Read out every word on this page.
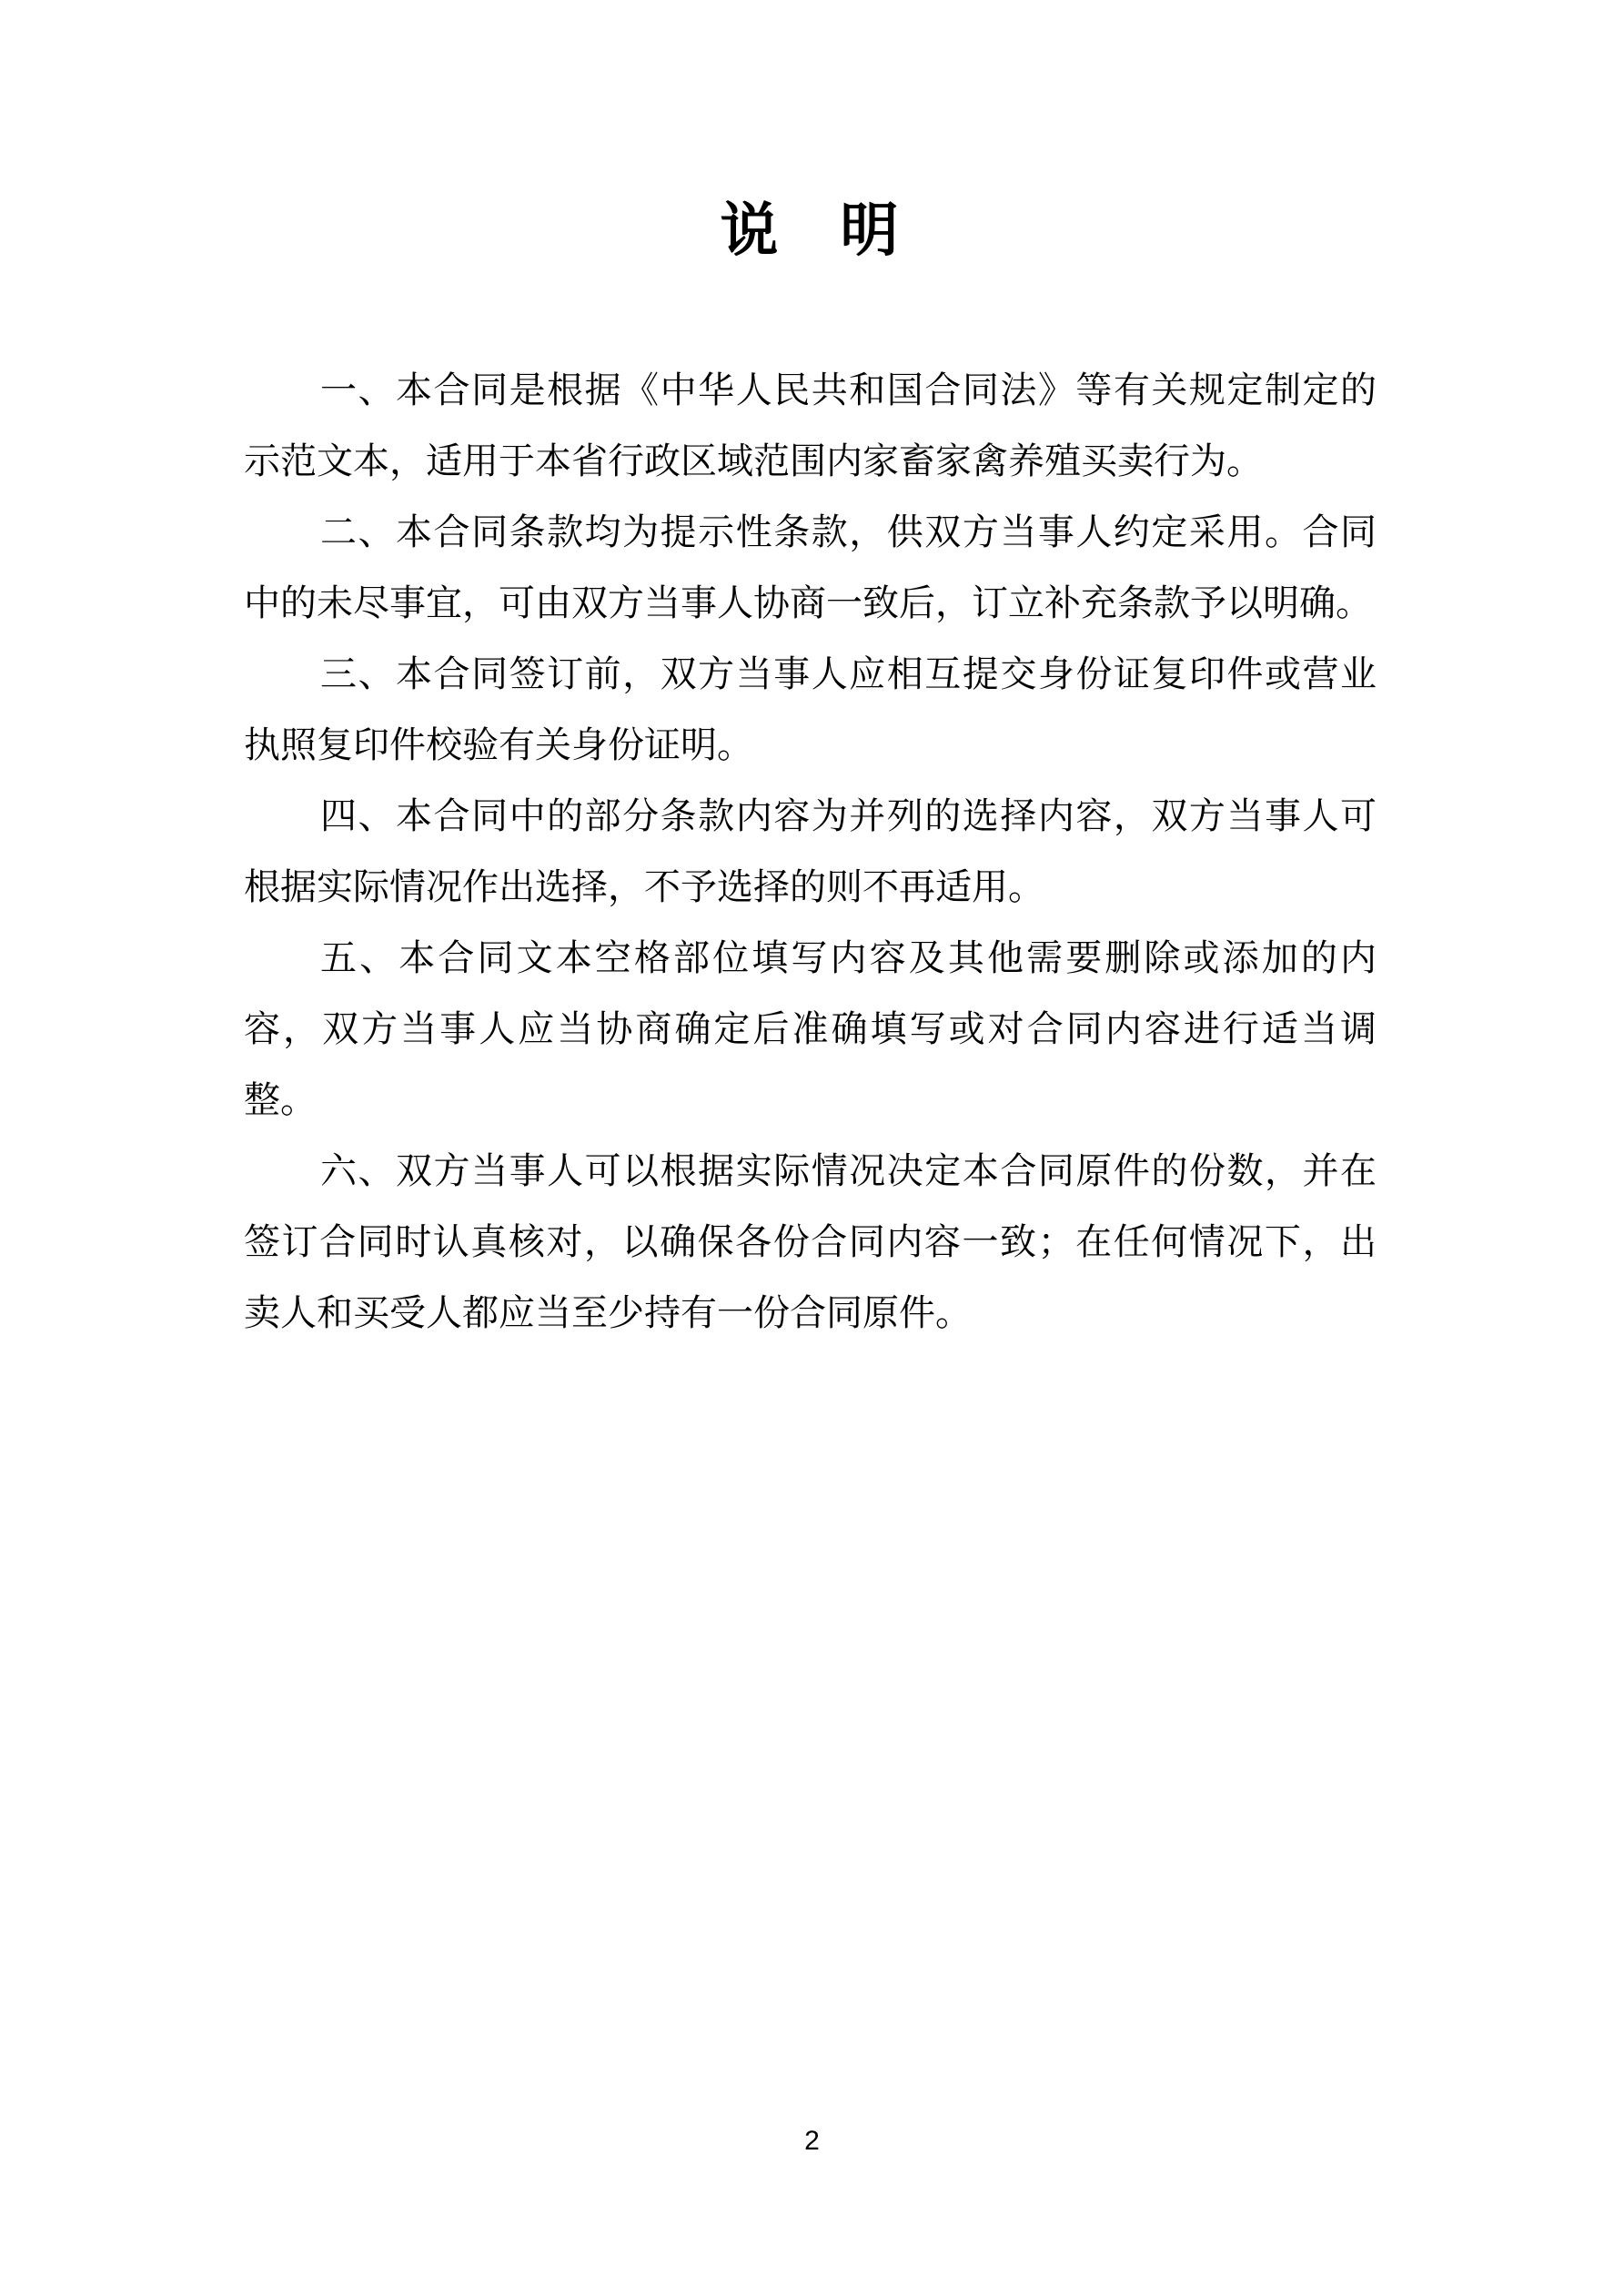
说　明
一、本合同是根据《中华人民共和国合同法》等有关规定制定的
示范文本，适用于本省行政区域范围内家畜家禽养殖买卖行为。
二、本合同条款均为提示性条款，供双方当事人约定采用。合同
中的未尽事宜，可由双方当事人协商一致后，订立补充条款予以明确。
三、本合同签订前，双方当事人应相互提交身份证复印件或营业
执照复印件校验有关身份证明。
四、本合同中的部分条款内容为并列的选择内容，双方当事人可
根据实际情况作出选择，不予选择的则不再适用。
五、本合同文本空格部位填写内容及其他需要删除或添加的内
容，双方当事人应当协商确定后准确填写或对合同内容进行适当调
整。
六、双方当事人可以根据实际情况决定本合同原件的份数，并在
签订合同时认真核对，以确保各份合同内容一致；在任何情况下，出
卖人和买受人都应当至少持有一份合同原件。
2
